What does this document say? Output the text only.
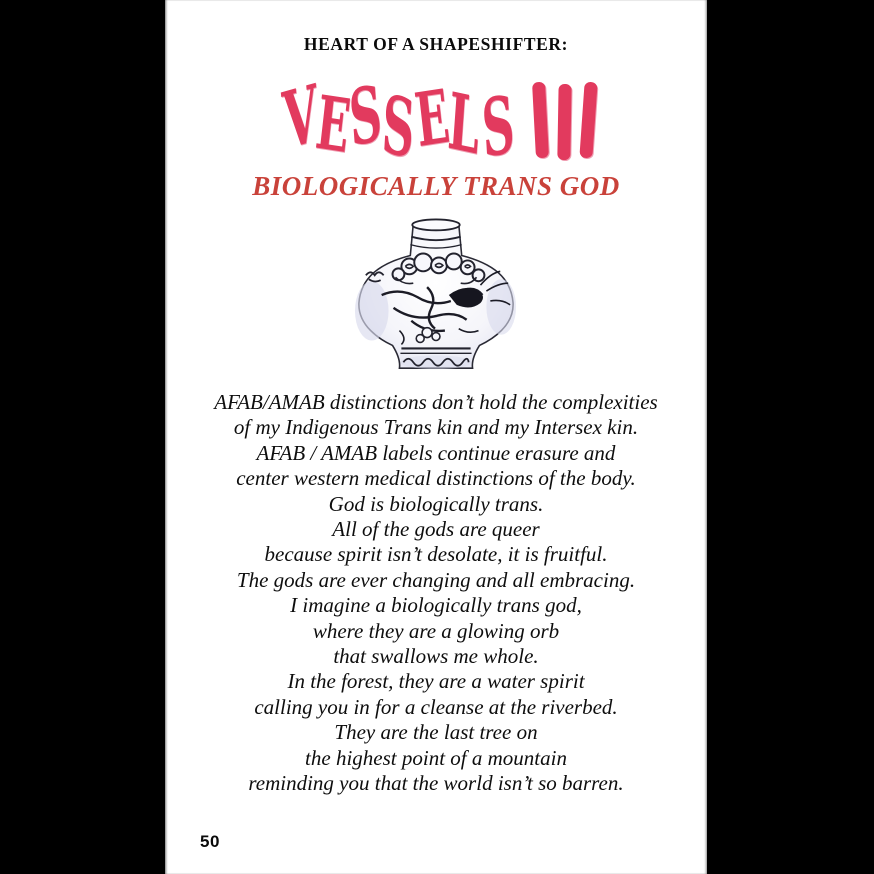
HEART OF A SHAPESHIFTER:
V
E
S
S
E
L
S
BIOLOGICALLY TRANS GOD
AFAB/AMAB distinctions don’t hold the complexities
of my Indigenous Trans kin and my Intersex kin.
AFAB / AMAB labels continue erasure and
center western medical distinctions of the body.
God is biologically trans.
All of the gods are queer
because spirit isn’t desolate, it is fruitful.
The gods are ever changing and all embracing.
I imagine a biologically trans god,
where they are a glowing orb
that swallows me whole.
In the forest, they are a water spirit
calling you in for a cleanse at the riverbed.
They are the last tree on
the highest point of a mountain
reminding you that the world isn’t so barren.
50
